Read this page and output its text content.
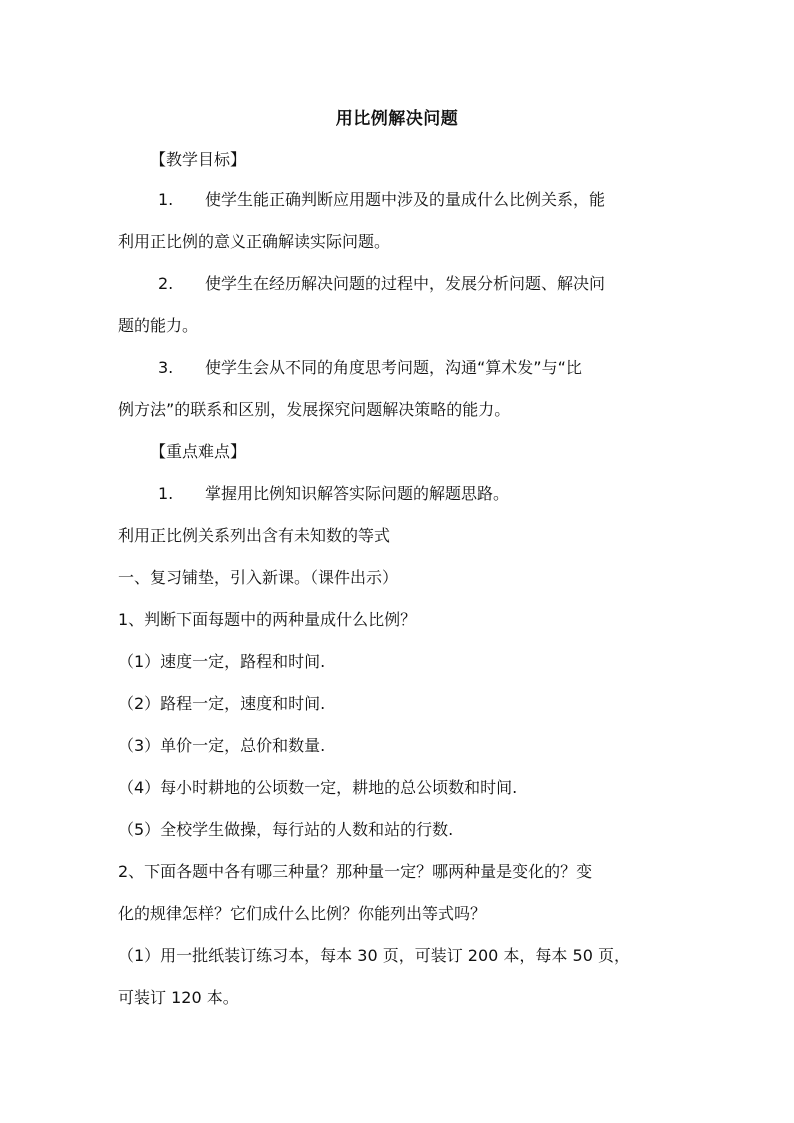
用比例解决问题
【教学目标】
1. 使学生能正确判断应用题中涉及的量成什么比例关系，能
利用正比例的意义正确解读实际问题。
2. 使学生在经历解决问题的过程中，发展分析问题、解决问
题的能力。
3. 使学生会从不同的角度思考问题，沟通“算术发”与“比
例方法”的联系和区别，发展探究问题解决策略的能力。
【重点难点】
1. 掌握用比例知识解答实际问题的解题思路。
利用正比例关系列出含有未知数的等式
一、复习铺垫，引入新课。（课件出示）
1、判断下面每题中的两种量成什么比例？
（1）速度一定，路程和时间.
（2）路程一定，速度和时间.
（3）单价一定，总价和数量.
（4）每小时耕地的公顷数一定，耕地的总公顷数和时间.
（5）全校学生做操，每行站的人数和站的行数.
2、下面各题中各有哪三种量？那种量一定？哪两种量是变化的？变
化的规律怎样？它们成什么比例？你能列出等式吗？
（1）用一批纸装订练习本，每本 30 页，可装订 200 本，每本 50 页，
可装订 120 本。
